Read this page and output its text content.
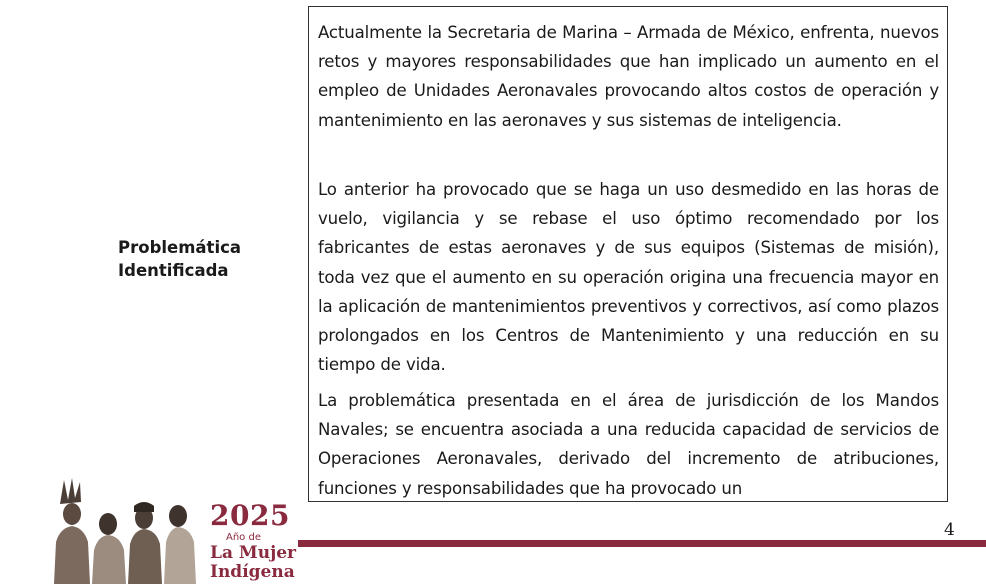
Problemática
Identificada

Actualmente la Secretaria de Marina – Armada de México, enfrenta, nuevos retos y mayores responsabilidades que han implicado un aumento en el empleo de Unidades Aeronavales provocando altos costos de operación y mantenimiento en las aeronaves y sus sistemas de inteligencia.

Lo anterior ha provocado que se haga un uso desmedido en las horas de vuelo, vigilancia y se rebase el uso óptimo recomendado por los fabricantes de estas aeronaves y de sus equipos (Sistemas de misión), toda vez que el aumento en su operación origina una frecuencia mayor en la aplicación de mantenimientos preventivos y correctivos, así como plazos prolongados en los Centros de Mantenimiento y una reducción en su tiempo de vida.

La problemática presentada en el área de jurisdicción de los Mandos Navales; se encuentra asociada a una reducida capacidad de servicios de Operaciones Aeronavales, derivado del incremento de atribuciones, funciones y responsabilidades que ha provocado un

4
2025
Año de
La Mujer
Indígena
